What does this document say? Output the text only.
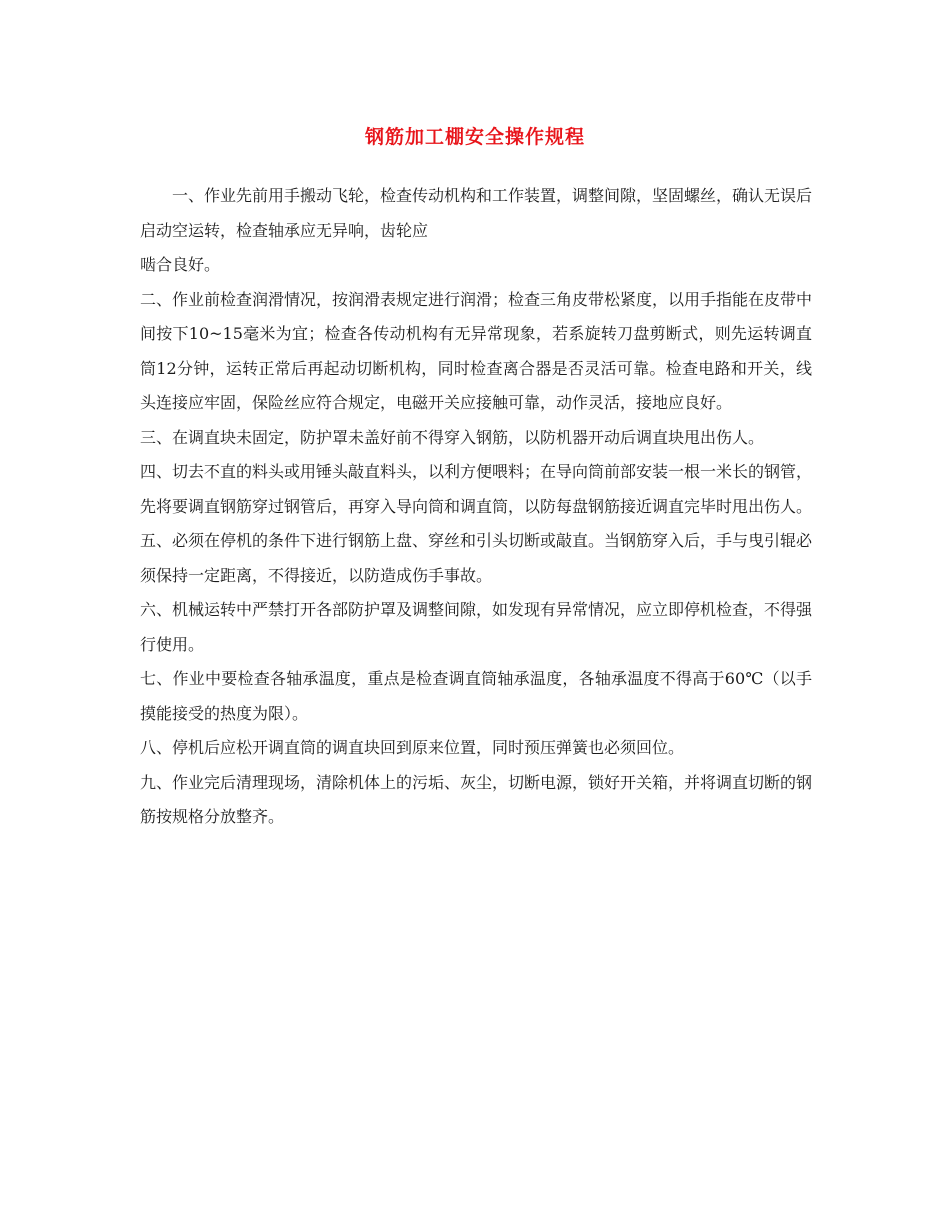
钢筋加工棚安全操作规程

一、作业先前用手搬动飞轮，检查传动机构和工作装置，调整间隙，坚固螺丝，确认无误后启动空运转，检查轴承应无异响，齿轮应

啮合良好。

二、作业前检查润滑情况，按润滑表规定进行润滑；检查三角皮带松紧度，以用手指能在皮带中间按下10~15毫米为宜；检查各传动机构有无异常现象，若系旋转刀盘剪断式，则先运转调直筒12分钟，运转正常后再起动切断机构，同时检查离合器是否灵活可靠。检查电路和开关，线头连接应牢固，保险丝应符合规定，电磁开关应接触可靠，动作灵活，接地应良好。

三、在调直块未固定，防护罩未盖好前不得穿入钢筋，以防机器开动后调直块甩出伤人。

四、切去不直的料头或用锤头敲直料头，以利方便喂料；在导向筒前部安装一根一米长的钢管，先将要调直钢筋穿过钢管后，再穿入导向筒和调直筒，以防每盘钢筋接近调直完毕时甩出伤人。

五、必须在停机的条件下进行钢筋上盘、穿丝和引头切断或敲直。当钢筋穿入后，手与曳引辊必须保持一定距离，不得接近，以防造成伤手事故。

六、机械运转中严禁打开各部防护罩及调整间隙，如发现有异常情况，应立即停机检查，不得强行使用。

七、作业中要检查各轴承温度，重点是检查调直筒轴承温度，各轴承温度不得高于60℃（以手摸能接受的热度为限）。

八、停机后应松开调直筒的调直块回到原来位置，同时预压弹簧也必须回位。

九、作业完后清理现场，清除机体上的污垢、灰尘，切断电源，锁好开关箱，并将调直切断的钢筋按规格分放整齐。
